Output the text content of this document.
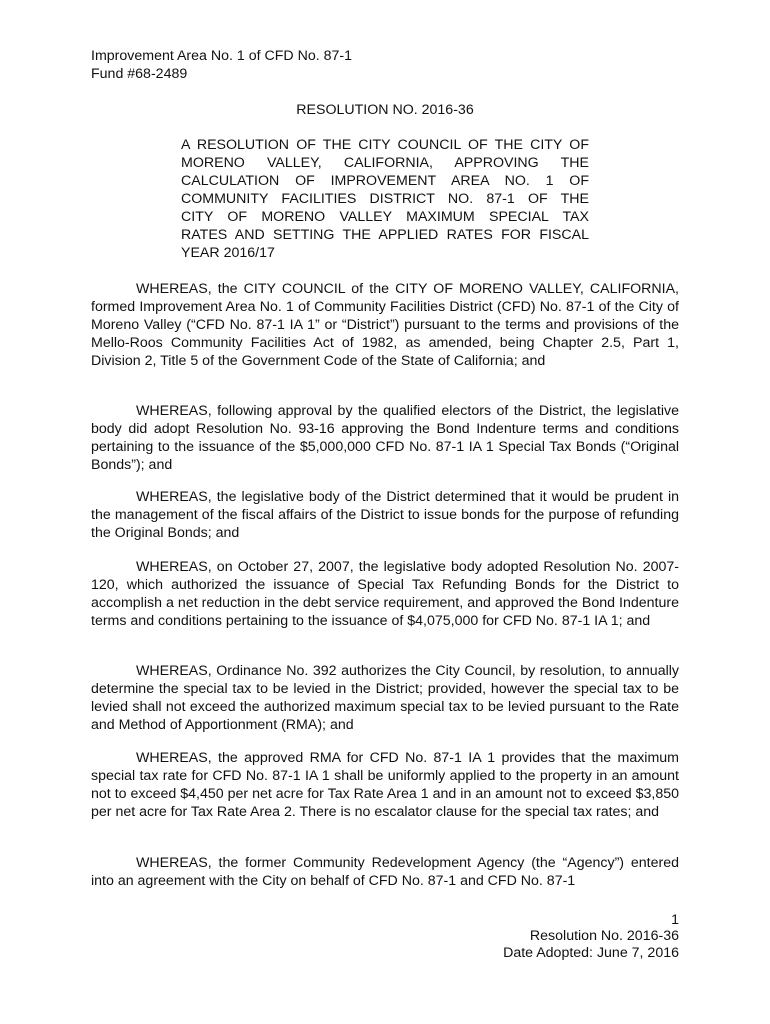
Improvement Area No. 1 of CFD No. 87-1
Fund #68-2489
RESOLUTION NO. 2016-36
A RESOLUTION OF THE CITY COUNCIL OF THE CITY OF
MORENO VALLEY, CALIFORNIA, APPROVING THE
CALCULATION OF IMPROVEMENT AREA NO. 1 OF
COMMUNITY FACILITIES DISTRICT NO. 87-1 OF THE
CITY OF MORENO VALLEY MAXIMUM SPECIAL TAX
RATES AND SETTING THE APPLIED RATES FOR FISCAL
YEAR 2016/17
WHEREAS, the CITY COUNCIL of the CITY OF MORENO VALLEY, CALIFORNIA, formed Improvement Area No. 1 of Community Facilities District (CFD) No. 87-1 of the City of Moreno Valley (“CFD No. 87-1 IA 1” or “District”) pursuant to the terms and provisions of the Mello-Roos Community Facilities Act of 1982, as amended, being Chapter 2.5, Part 1, Division 2, Title 5 of the Government Code of the State of California; and
WHEREAS, following approval by the qualified electors of the District, the legislative body did adopt Resolution No. 93-16 approving the Bond Indenture terms and conditions pertaining to the issuance of the $5,000,000 CFD No. 87-1 IA 1 Special Tax Bonds (“Original Bonds”); and
WHEREAS, the legislative body of the District determined that it would be prudent in the management of the fiscal affairs of the District to issue bonds for the purpose of refunding the Original Bonds; and
WHEREAS, on October 27, 2007, the legislative body adopted Resolution No. 2007-120, which authorized the issuance of Special Tax Refunding Bonds for the District to accomplish a net reduction in the debt service requirement, and approved the Bond Indenture terms and conditions pertaining to the issuance of $4,075,000 for CFD No. 87-1 IA 1; and
WHEREAS, Ordinance No. 392 authorizes the City Council, by resolution, to annually determine the special tax to be levied in the District; provided, however the special tax to be levied shall not exceed the authorized maximum special tax to be levied pursuant to the Rate and Method of Apportionment (RMA); and
WHEREAS, the approved RMA for CFD No. 87-1 IA 1 provides that the maximum special tax rate for CFD No. 87-1 IA 1 shall be uniformly applied to the property in an amount not to exceed $4,450 per net acre for Tax Rate Area 1 and in an amount not to exceed $3,850 per net acre for Tax Rate Area 2. There is no escalator clause for the special tax rates; and
WHEREAS, the former Community Redevelopment Agency (the “Agency”) entered into an agreement with the City on behalf of CFD No. 87-1 and CFD No. 87-1
1
Resolution No. 2016-36
Date Adopted: June 7, 2016
